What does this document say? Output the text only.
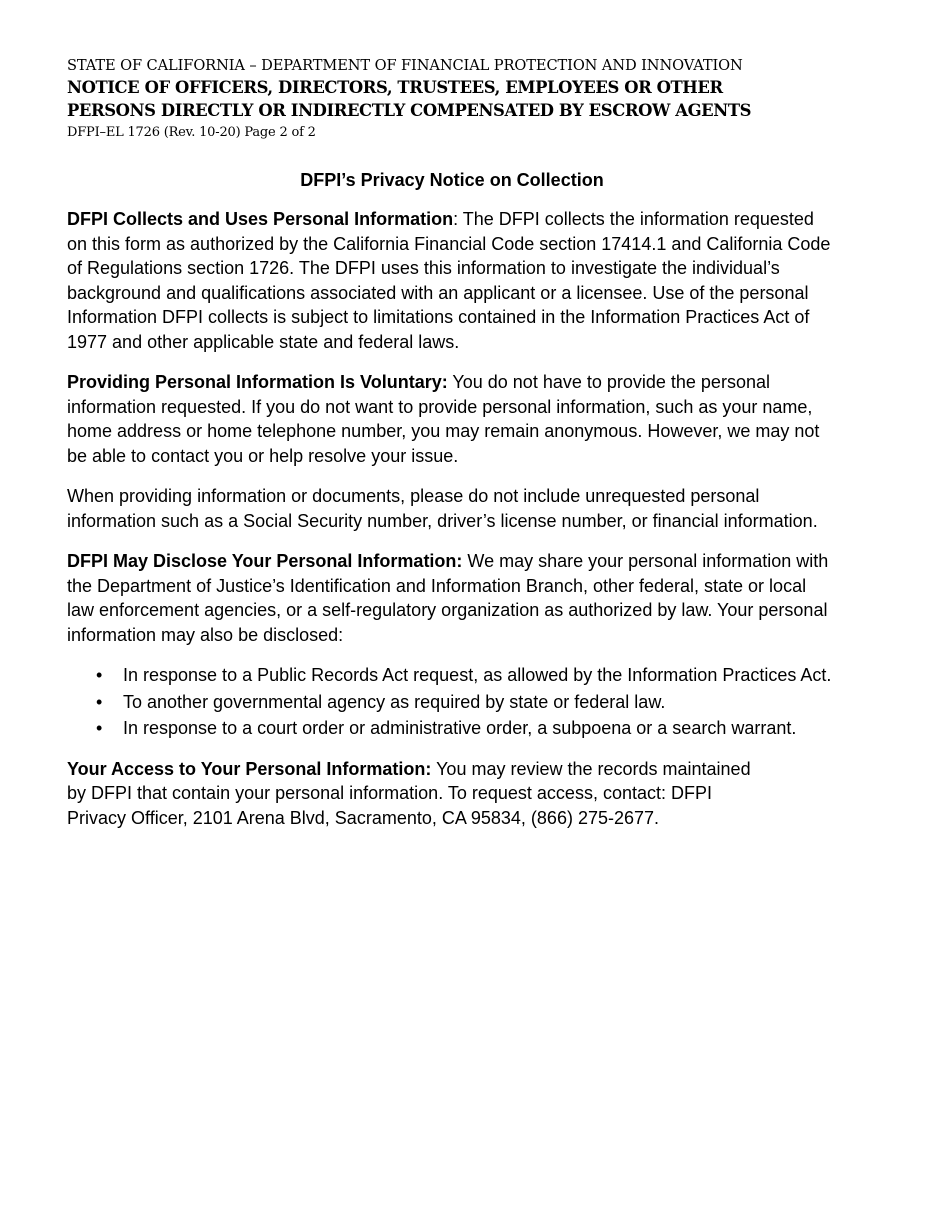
STATE OF CALIFORNIA – DEPARTMENT OF FINANCIAL PROTECTION AND INNOVATION
NOTICE OF OFFICERS, DIRECTORS, TRUSTEES, EMPLOYEES OR OTHER
PERSONS DIRECTLY OR INDIRECTLY COMPENSATED BY ESCROW AGENTS
DFPI–EL 1726 (Rev. 10-20) Page 2 of 2
DFPI’s Privacy Notice on Collection
DFPI Collects and Uses Personal Information: The DFPI collects the information requested on this form as authorized by the California Financial Code section 17414.1 and California Code of Regulations section 1726. The DFPI uses this information to investigate the individual’s background and qualifications associated with an applicant or a licensee. Use of the personal Information DFPI collects is subject to limitations contained in the Information Practices Act of 1977 and other applicable state and federal laws.
Providing Personal Information Is Voluntary: You do not have to provide the personal information requested. If you do not want to provide personal information, such as your name, home address or home telephone number, you may remain anonymous. However, we may not be able to contact you or help resolve your issue.
When providing information or documents, please do not include unrequested personal information such as a Social Security number, driver’s license number, or financial information.
DFPI May Disclose Your Personal Information: We may share your personal information with the Department of Justice’s Identification and Information Branch, other federal, state or local law enforcement agencies, or a self-regulatory organization as authorized by law. Your personal information may also be disclosed:
• In response to a Public Records Act request, as allowed by the Information Practices Act.
• To another governmental agency as required by state or federal law.
• In response to a court order or administrative order, a subpoena or a search warrant.
Your Access to Your Personal Information: You may review the records maintained
by DFPI that contain your personal information. To request access, contact: DFPI
Privacy Officer, 2101 Arena Blvd, Sacramento, CA 95834, (866) 275-2677.
